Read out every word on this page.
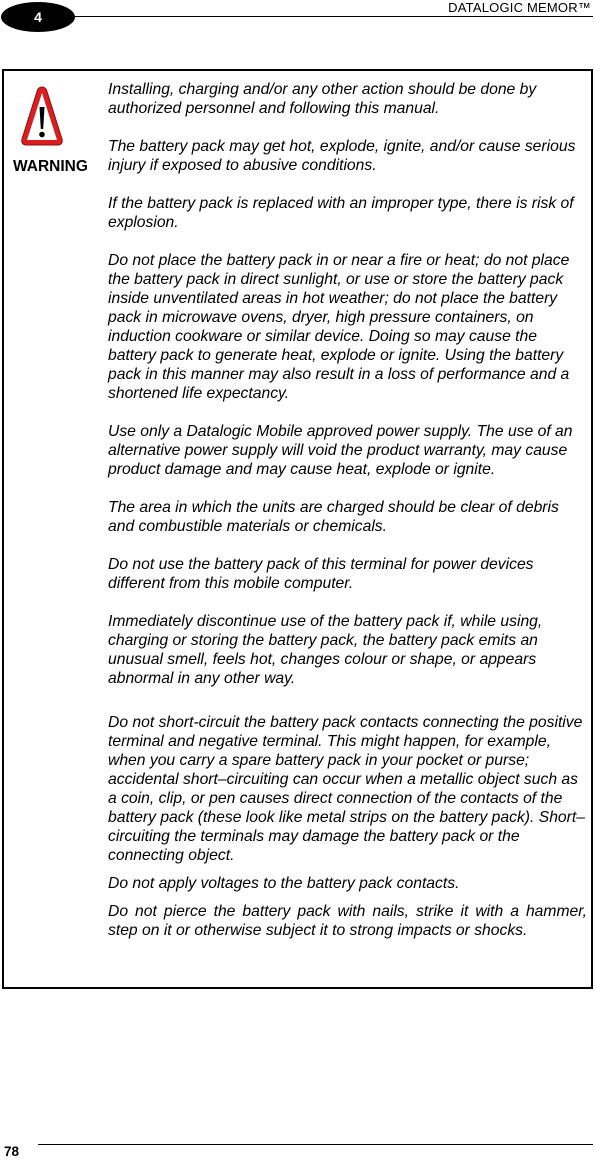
4
DATALOGIC MEMOR™
WARNING

Installing, charging and/or any other action should be done by authorized personnel and following this manual.

The battery pack may get hot, explode, ignite, and/or cause serious injury if exposed to abusive conditions.

If the battery pack is replaced with an improper type, there is risk of explosion.

Do not place the battery pack in or near a fire or heat; do not place the battery pack in direct sunlight, or use or store the battery pack inside unventilated areas in hot weather; do not place the battery pack in microwave ovens, dryer, high pressure containers, on induction cookware or similar device. Doing so may cause the battery pack to generate heat, explode or ignite. Using the battery pack in this manner may also result in a loss of performance and a shortened life expectancy.

Use only a Datalogic Mobile approved power supply. The use of an alternative power supply will void the product warranty, may cause product damage and may cause heat, explode or ignite.

The area in which the units are charged should be clear of debris and combustible materials or chemicals.

Do not use the battery pack of this terminal for power devices different from this mobile computer.

Immediately discontinue use of the battery pack if, while using, charging or storing the battery pack, the battery pack emits an unusual smell, feels hot, changes colour or shape, or appears abnormal in any other way.

Do not short-circuit the battery pack contacts connecting the positive terminal and negative terminal. This might happen, for example, when you carry a spare battery pack in your pocket or purse; accidental short–circuiting can occur when a metallic object such as a coin, clip, or pen causes direct connection of the contacts of the battery pack (these look like metal strips on the battery pack). Short–circuiting the terminals may damage the battery pack or the connecting object.

Do not apply voltages to the battery pack contacts.

Do not pierce the battery pack with nails, strike it with a hammer, step on it or otherwise subject it to strong impacts or shocks.

78
